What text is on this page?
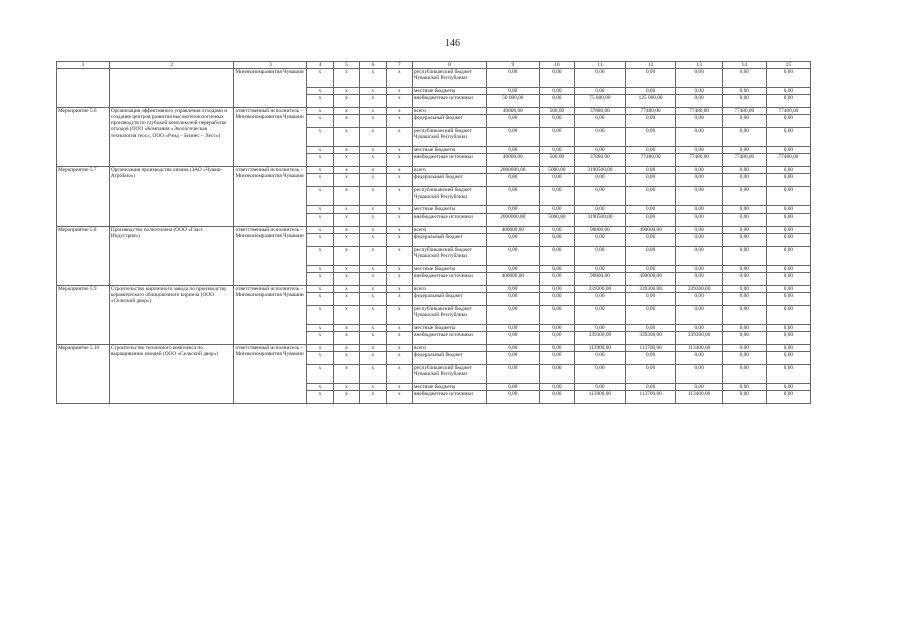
146
1	2	3	4	5	6	7	8	9	10	11	12	13	14	15
		Минэкономразвития Чувашии	x	x	x	x	республиканский бюджет Чувашской Республики	0,00	0,00	0,00	0,00	0,00	0,00	0,00
			x	x	x	x	местные бюджеты	0,00	0,00	0,00	0,00	0,00	0,00	0,00
			x	x	x	x	внебюджетные источники	50 000,00	0,00	75 000,00	125 000,00	0,00	0,00	0,00
Мероприятие 5.6	Организация эффективного управления отходами и создание центров развития высокотехнологичных производств по глубокой комплексной переработке отходов (ООО «Компания «Экологическая технология геос», ООО «Рэнд – Бизнес – Лесс»)	ответственный исполнитель – Минэкономразвития Чувашии	x	x	x	x	всего	40000,00	500,00	37880,00	77480,00	77480,00	77480,00	77480,00
			x	x	x	x	федеральный бюджет	0,00	0,00	0,00	0,00	0,00	0,00	0,00
			x	x	x	x	республиканский бюджет Чувашской Республики	0,00	0,00	0,00	0,00	0,00	0,00	0,00
			x	x	x	x	местные бюджеты	0,00	0,00	0,00	0,00	0,00	0,00	0,00
			x	x	x	x	внебюджетные источники	40000,00	500,00	37880,00	77480,00	77480,00	77480,00	77480,00
Мероприятие 5.7	Организация производства лизина (ЗАО «ЧувашАгроБио»)	ответственный исполнитель – Минэкономразвития Чувашии	x	x	x	x	всего	2000000,00	5000,00	3190500,00	0,00	0,00	0,00	0,00
			x	x	x	x	федеральный бюджет	0,00	0,00	0,00	0,00	0,00	0,00	0,00
			x	x	x	x	республиканский бюджет Чувашской Республики	0,00	0,00	0,00	0,00	0,00	0,00	0,00
			x	x	x	x	местные бюджеты	0,00	0,00	0,00	0,00	0,00	0,00	0,00
			x	x	x	x	внебюджетные источники	2000000,00	5000,00	3190500,00	0,00	0,00	0,00	0,00
Мероприятие 5.8	Производство полиэтилена (ООО «Гласс Индустрия»)	ответственный исполнитель – Минэкономразвития Чувашии	x	x	x	x	всего	400000,00	0,00	90000,00	490000,00	0,00	0,00	0,00
			x	x	x	x	федеральный бюджет	0,00	0,00	0,00	0,00	0,00	0,00	0,00
			x	x	x	x	республиканский бюджет Чувашской Республики	0,00	0,00	0,00	0,00	0,00	0,00	0,00
			x	x	x	x	местные бюджеты	0,00	0,00	0,00	0,00	0,00	0,00	0,00
			x	x	x	x	внебюджетные источники	400000,00	0,00	90000,00	490000,00	0,00	0,00	0,00
Мероприятие 5.9	Строительство кирпичного завода по производству керамического облицовочного кирпича (ООО «Сельский двор»)	ответственный исполнитель – Минэкономразвития Чувашии	x	x	x	x	всего	0,00	0,00	339300,00	339300,00	339300,00	0,00	0,00
			x	x	x	x	федеральный бюджет	0,00	0,00	0,00	0,00	0,00	0,00	0,00
			x	x	x	x	республиканский бюджет Чувашской Республики	0,00	0,00	0,00	0,00	0,00	0,00	0,00
			x	x	x	x	местные бюджеты	0,00	0,00	0,00	0,00	0,00	0,00	0,00
			x	x	x	x	внебюджетные источники	0,00	0,00	339300,00	339300,00	339300,00	0,00	0,00
Мероприятие 5.10	Строительство тепличного комплекса по выращиванию овощей (ООО «Сельский двор»)	ответственный исполнитель – Минэкономразвития Чувашии	x	x	x	x	всего	0,00	0,00	113900,00	113700,00	113400,00	0,00	0,00
			x	x	x	x	федеральный бюджет	0,00	0,00	0,00	0,00	0,00	0,00	0,00
			x	x	x	x	республиканский бюджет Чувашской Республики	0,00	0,00	0,00	0,00	0,00	0,00	0,00
			x	x	x	x	местные бюджеты	0,00	0,00	0,00	0,00	0,00	0,00	0,00
			x	x	x	x	внебюджетные источники	0,00	0,00	113900,00	113700,00	113400,00	0,00	0,00
